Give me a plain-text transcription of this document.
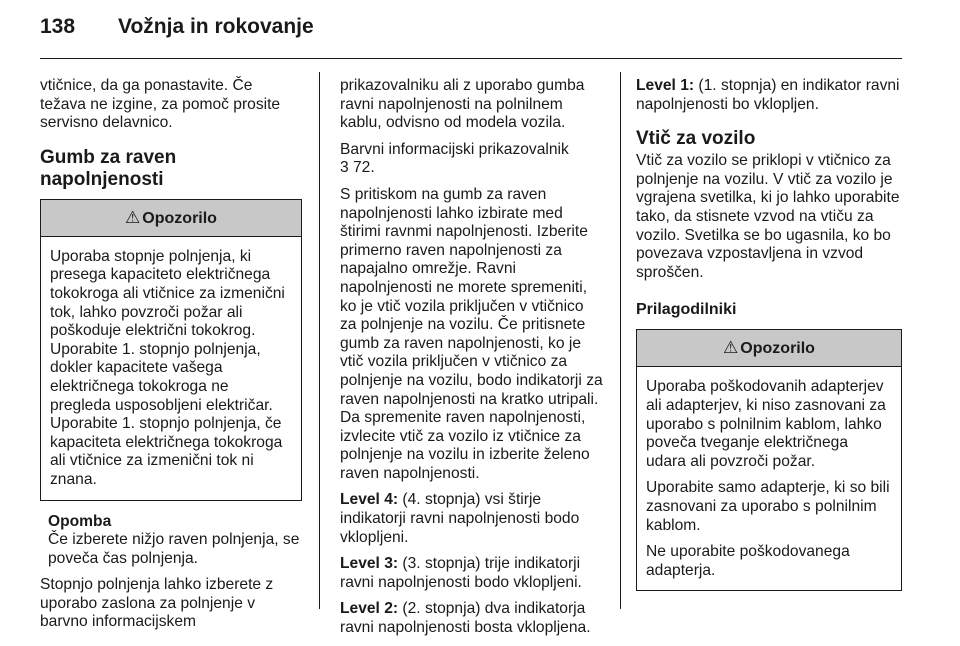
138 Vožnja in rokovanje

vtičnice, da ga ponastavite. Če težava ne izgine, za pomoč prosite servisno delavnico.

Gumb za raven napolnjenosti
⚠ Opozorilo

Uporaba stopnje polnjenja, ki presega kapaciteto električnega tokokroga ali vtičnice za izmenični tok, lahko povzroči požar ali poškoduje električni tokokrog. Uporabite 1. stopnjo polnjenja, dokler kapacitete vašega električnega tokokroga ne pregleda usposobljeni električar. Uporabite 1. stopnjo polnjenja, če kapaciteta električnega tokokroga ali vtičnice za izmenični tok ni znana.

Opomba
Če izberete nižjo raven polnjenja, se poveča čas polnjenja.

Stopnjo polnjenja lahko izberete z uporabo zaslona za polnjenje v barvno informacijskem

prikazovalniku ali z uporabo gumba ravni napolnjenosti na polnilnem kablu, odvisno od modela vozila.

Barvni informacijski prikazovalnik
3 72.

S pritiskom na gumb za raven napolnjenosti lahko izbirate med štirimi ravnmi napolnjenosti. Izberite primerno raven napolnjenosti za napajalno omrežje. Ravni napolnjenosti ne morete spremeniti, ko je vtič vozila priključen v vtičnico za polnjenje na vozilu. Če pritisnete gumb za raven napolnjenosti, ko je vtič vozila priključen v vtičnico za polnjenje na vozilu, bodo indikatorji za raven napolnjenosti na kratko utripali. Da spremenite raven napolnjenosti, izvlecite vtič za vozilo iz vtičnice za polnjenje na vozilu in izberite želeno raven napolnjenosti.

Level 4: (4. stopnja) vsi štirje indikatorji ravni napolnjenosti bodo vklopljeni.

Level 3: (3. stopnja) trije indikatorji ravni napolnjenosti bodo vklopljeni.

Level 2: (2. stopnja) dva indikatorja ravni napolnjenosti bosta vklopljena.

Level 1: (1. stopnja) en indikator ravni napolnjenosti bo vklopljen.

Vtič za vozilo

Vtič za vozilo se priklopi v vtičnico za polnjenje na vozilu. V vtič za vozilo je vgrajena svetilka, ki jo lahko uporabite tako, da stisnete vzvod na vtiču za vozilo. Svetilka se bo ugasnila, ko bo povezava vzpostavljena in vzvod sproščen.

Prilagodilniki
⚠ Opozorilo

Uporaba poškodovanih adapterjev ali adapterjev, ki niso zasnovani za uporabo s polnilnim kablom, lahko poveča tveganje električnega udara ali povzroči požar.

Uporabite samo adapterje, ki so bili zasnovani za uporabo s polnilnim kablom.

Ne uporabite poškodovanega adapterja.
